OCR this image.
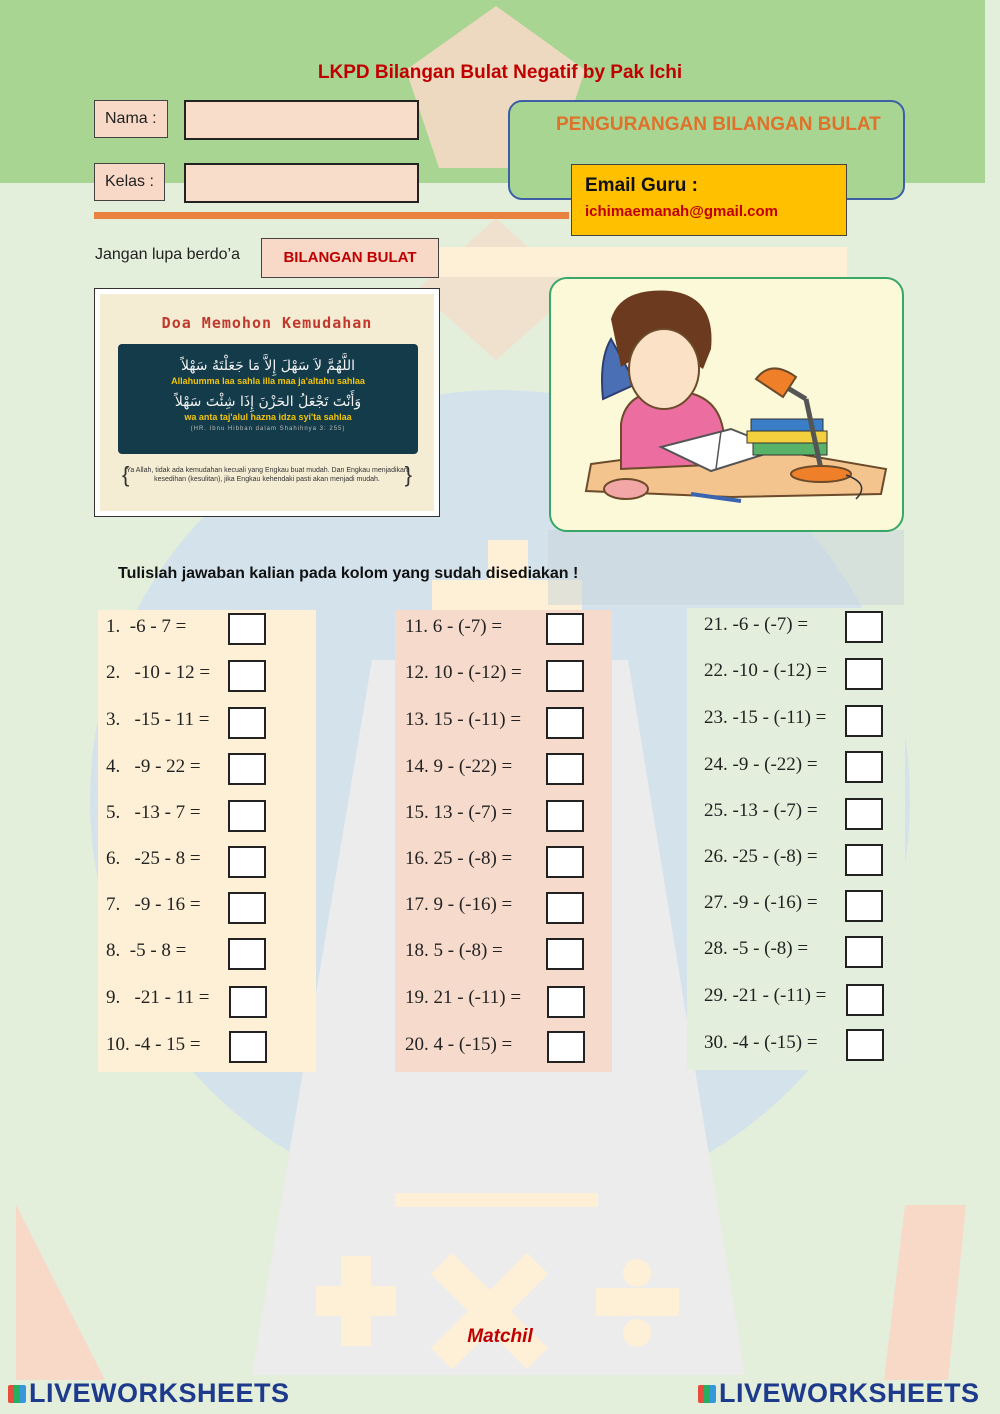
LKPD Bilangan Bulat Negatif by Pak Ichi
Nama :
Kelas :
PENGURANGAN BILANGAN BULAT
Email Guru :
ichimaemanah@gmail.com
Jangan lupa berdo’a	BILANGAN BULAT
Doa Memohon Kemudahan
اللَّهُمَّ لاَ سَهْلَ إِلاَّ مَا جَعَلْتَهُ سَهْلاً
Allahumma laa sahla illa maa ja'altahu sahlaa
وَأَنْتَ تَجْعَلُ الحَزْنَ إِذَا شِئْتَ سَهْلاً
wa anta taj'alul hazna idza syi'ta sahlaa
(HR. Ibnu Hibban dalam Shahihnya 3: 255)
{
Ya Allah, tidak ada kemudahan kecuali yang Engkau buat mudah. Dan Engkau menjadikan kesedihan (kesulitan), jika Engkau kehendaki pasti akan menjadi mudah.	}
Tulislah jawaban kalian pada kolom yang sudah disediakan !
1.  -6 - 7 =
2.   -10 - 12 =
3.   -15 - 11 =
4.   -9 - 22 =
5.   -13 - 7 =
6.   -25 - 8 =
7.   -9 - 16 =
8.  -5 - 8 =
9.   -21 - 11 =
10. -4 - 15 =
11. 6 - (-7) =
12. 10 - (-12) =
13. 15 - (-11) =
14. 9 - (-22) =
15. 13 - (-7) =
16. 25 - (-8) =
17. 9 - (-16) =
18. 5 - (-8) =
19. 21 - (-11) =
20. 4 - (-15) =
21. -6 - (-7) =
22. -10 - (-12) =
23. -15 - (-11) =
24. -9 - (-22) =
25. -13 - (-7) =
26. -25 - (-8) =
27. -9 - (-16) =
28. -5 - (-8) =
29. -21 - (-11) =
30. -4 - (-15) =
Matchil
LIVEWORKSHEETS	LIVEWORKSHEETS
